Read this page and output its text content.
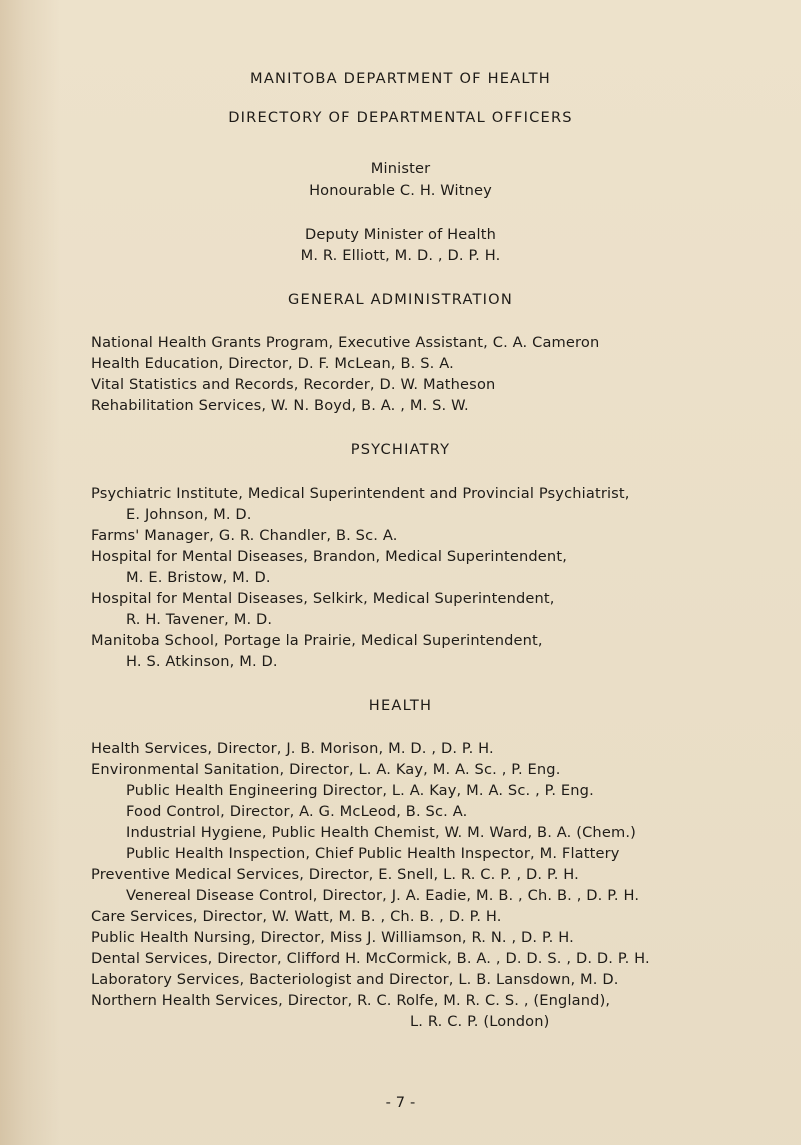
MANITOBA DEPARTMENT OF HEALTH
DIRECTORY OF DEPARTMENTAL OFFICERS
Minister
Honourable C. H. Witney
Deputy Minister of Health
M. R. Elliott, M. D. , D. P. H.
GENERAL ADMINISTRATION
National Health Grants Program, Executive Assistant, C. A. Cameron
Health Education, Director, D. F. McLean, B. S. A.
Vital Statistics and Records, Recorder, D. W. Matheson
Rehabilitation Services, W. N. Boyd, B. A. , M. S. W.
PSYCHIATRY
Psychiatric Institute, Medical Superintendent and Provincial Psychiatrist,
E. Johnson, M. D.
Farms' Manager, G. R. Chandler, B. Sc. A.
Hospital for Mental Diseases, Brandon, Medical Superintendent,
M. E. Bristow, M. D.
Hospital for Mental Diseases, Selkirk, Medical Superintendent,
R. H. Tavener, M. D.
Manitoba School, Portage la Prairie, Medical Superintendent,
H. S. Atkinson, M. D.
HEALTH
Health Services, Director, J. B. Morison, M. D. , D. P. H.
Environmental Sanitation, Director, L. A. Kay, M. A. Sc. , P. Eng.
Public Health Engineering Director, L. A. Kay, M. A. Sc. , P. Eng.
Food Control, Director, A. G. McLeod, B. Sc. A.
Industrial Hygiene, Public Health Chemist, W. M. Ward, B. A. (Chem.)
Public Health Inspection, Chief Public Health Inspector, M. Flattery
Preventive Medical Services, Director, E. Snell, L. R. C. P. , D. P. H.
Venereal Disease Control, Director, J. A. Eadie, M. B. , Ch. B. , D. P. H.
Care Services, Director, W. Watt, M. B. , Ch. B. , D. P. H.
Public Health Nursing, Director, Miss J. Williamson, R. N. , D. P. H.
Dental Services, Director, Clifford H. McCormick, B. A. , D. D. S. , D. D. P. H.
Laboratory Services, Bacteriologist and Director, L. B. Lansdown, M. D.
Northern Health Services, Director, R. C. Rolfe, M. R. C. S. , (England),
L. R. C. P. (London)
- 7 -
